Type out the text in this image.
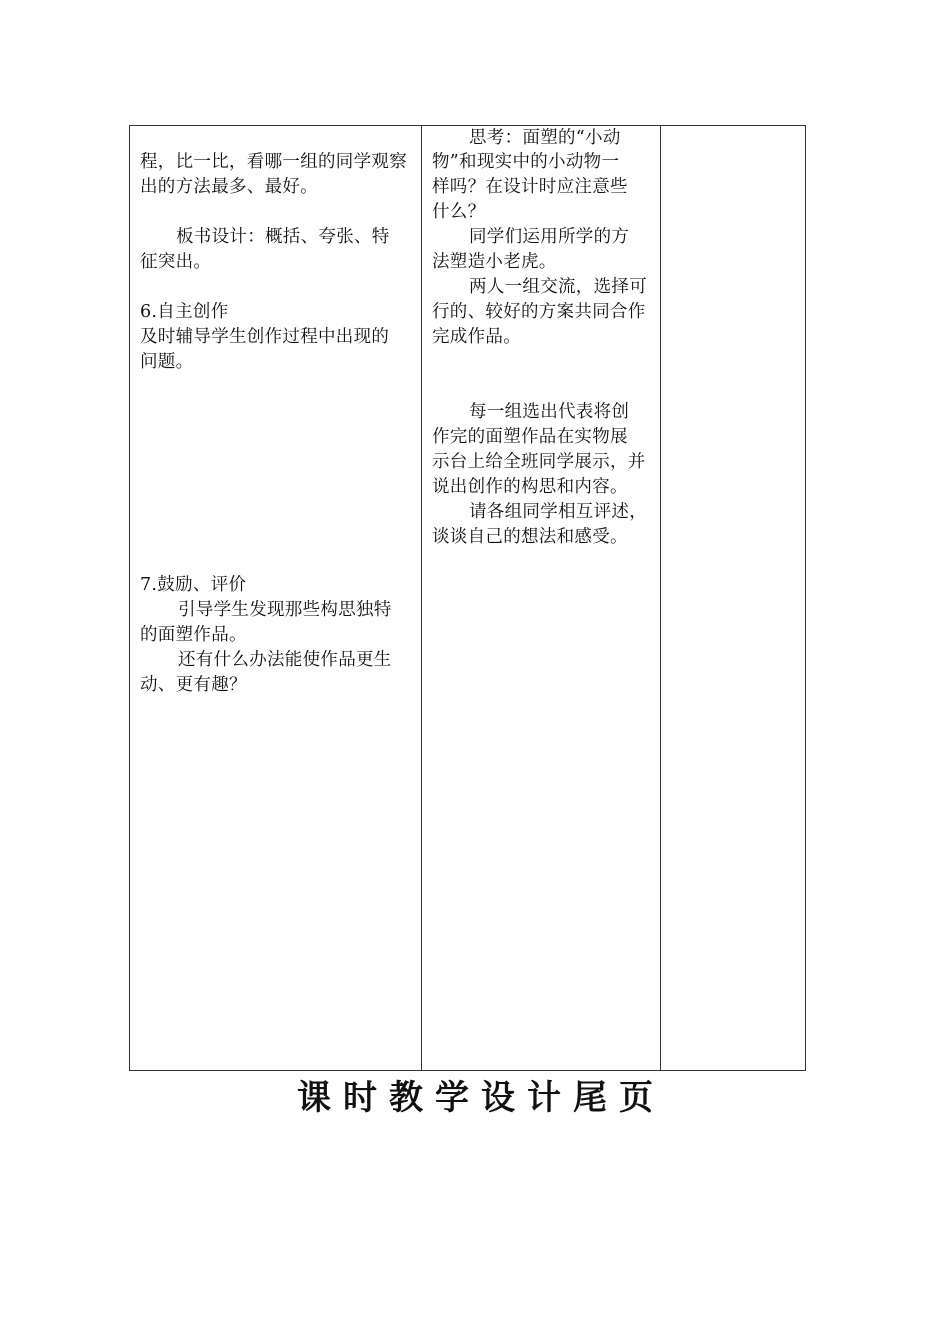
程，比一比，看哪一组的同学观察

出的方法最多、最好。

板书设计：概括、夸张、特

征突出。

6.自主创作

及时辅导学生创作过程中出现的

问题。

7.鼓励、评价

引导学生发现那些构思独特

的面塑作品。

还有什么办法能使作品更生

动、更有趣？

思考：面塑的“小动

物”和现实中的小动物一

样吗？在设计时应注意些

什么？

同学们运用所学的方

法塑造小老虎。

两人一组交流，选择可

行的、较好的方案共同合作

完成作品。

每一组选出代表将创

作完的面塑作品在实物展

示台上给全班同学展示，并

说出创作的构思和内容。

请各组同学相互评述，

谈谈自己的想法和感受。

课时教学设计尾页
